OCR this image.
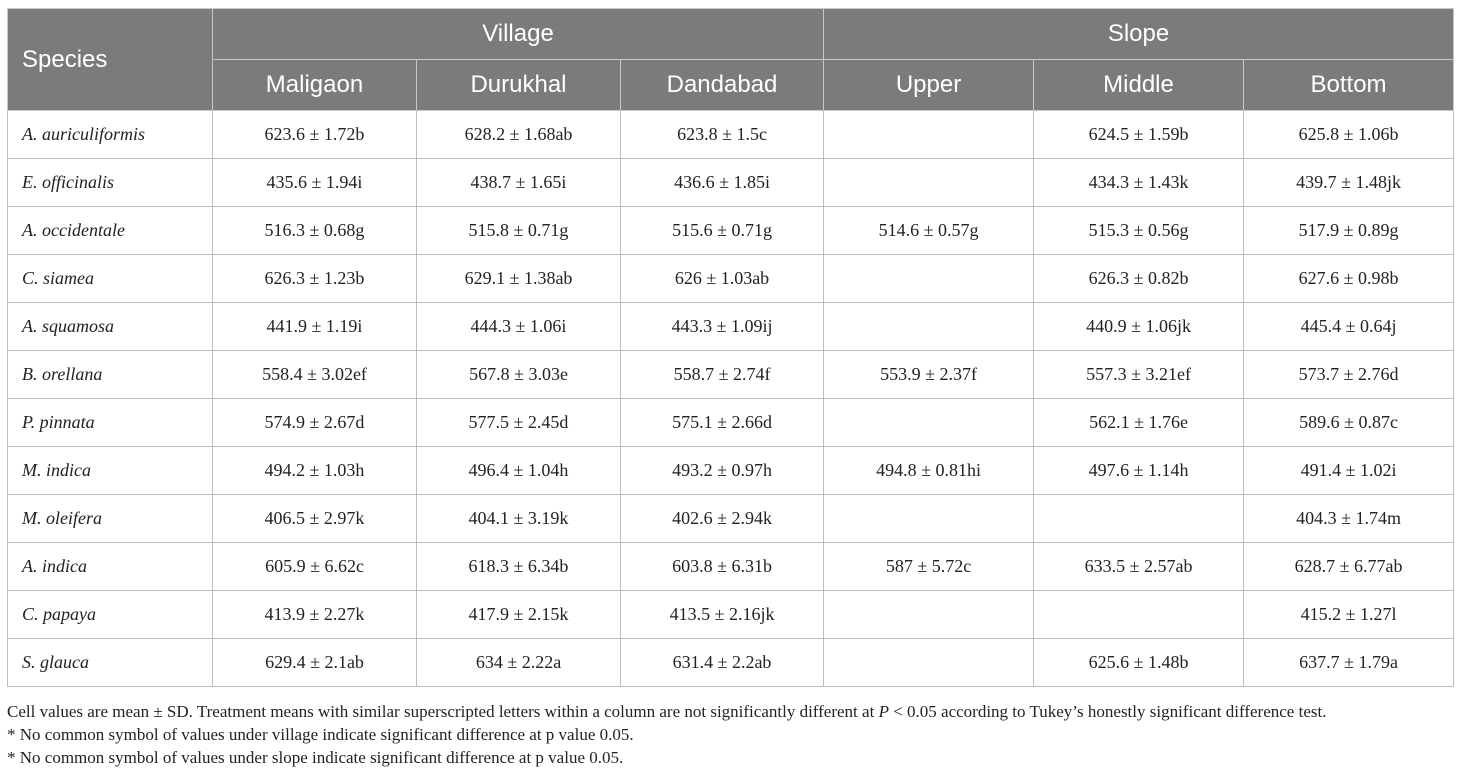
Species	Village			Slope		
	Maligaon	Durukhal	Dandabad	Upper	Middle	Bottom
A. auriculiformis	623.6 ± 1.72b	628.2 ± 1.68ab	623.8 ± 1.5c		624.5 ± 1.59b	625.8 ± 1.06b
E. officinalis	435.6 ± 1.94i	438.7 ± 1.65i	436.6 ± 1.85i		434.3 ± 1.43k	439.7 ± 1.48jk
A. occidentale	516.3 ± 0.68g	515.8 ± 0.71g	515.6 ± 0.71g	514.6 ± 0.57g	515.3 ± 0.56g	517.9 ± 0.89g
C. siamea	626.3 ± 1.23b	629.1 ± 1.38ab	626 ± 1.03ab		626.3 ± 0.82b	627.6 ± 0.98b
A. squamosa	441.9 ± 1.19i	444.3 ± 1.06i	443.3 ± 1.09ij		440.9 ± 1.06jk	445.4 ± 0.64j
B. orellana	558.4 ± 3.02ef	567.8 ± 3.03e	558.7 ± 2.74f	553.9 ± 2.37f	557.3 ± 3.21ef	573.7 ± 2.76d
P. pinnata	574.9 ± 2.67d	577.5 ± 2.45d	575.1 ± 2.66d		562.1 ± 1.76e	589.6 ± 0.87c
M. indica	494.2 ± 1.03h	496.4 ± 1.04h	493.2 ± 0.97h	494.8 ± 0.81hi	497.6 ± 1.14h	491.4 ± 1.02i
M. oleifera	406.5 ± 2.97k	404.1 ± 3.19k	402.6 ± 2.94k			404.3 ± 1.74m
A. indica	605.9 ± 6.62c	618.3 ± 6.34b	603.8 ± 6.31b	587 ± 5.72c	633.5 ± 2.57ab	628.7 ± 6.77ab
C. papaya	413.9 ± 2.27k	417.9 ± 2.15k	413.5 ± 2.16jk			415.2 ± 1.27l
S. glauca	629.4 ± 2.1ab	634 ± 2.22a	631.4 ± 2.2ab		625.6 ± 1.48b	637.7 ± 1.79a

Cell values are mean ± SD. Treatment means with similar superscripted letters within a column are not significantly different at P < 0.05 according to Tukey’s honestly significant difference test.

* No common symbol of values under village indicate significant difference at p value 0.05.

* No common symbol of values under slope indicate significant difference at p value 0.05.
